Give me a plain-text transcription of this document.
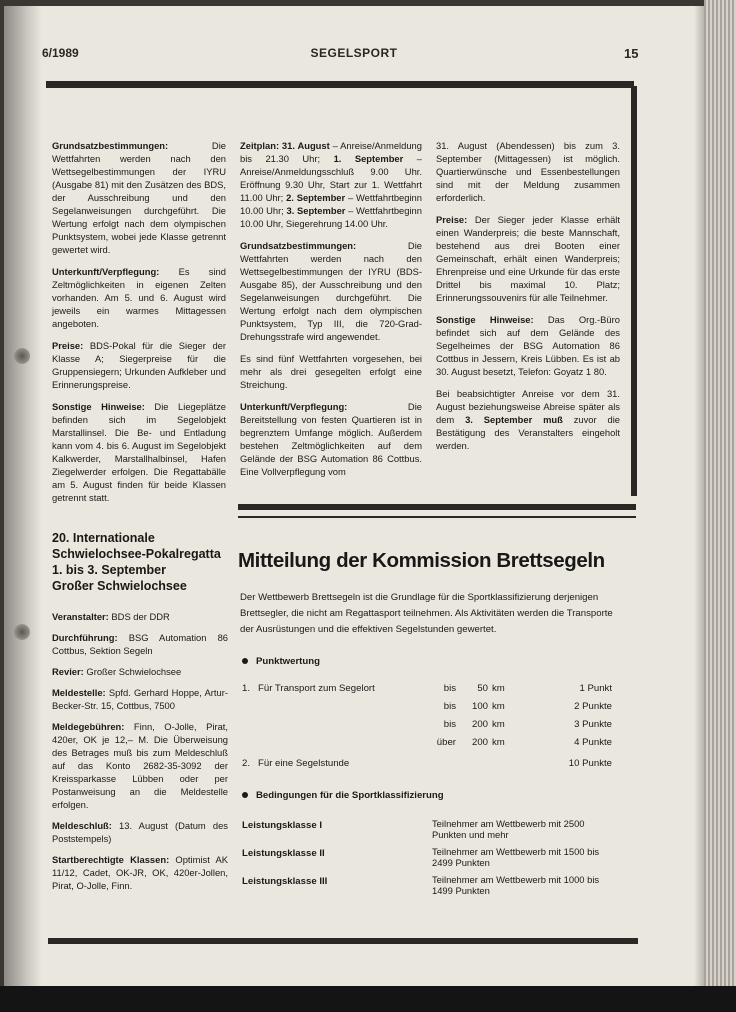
6/1989	SEGELSPORT	15

Grundsatzbestimmungen: Die Wettfahrten werden nach den Wettsegelbestimmungen der IYRU (Ausgabe 81) mit den Zusätzen des BDS, der Ausschreibung und den Segelanweisungen durchgeführt. Die Wertung erfolgt nach dem olympischen Punktsystem, wobei jede Klasse getrennt gewertet wird.

Unterkunft/Verpflegung: Es sind Zeltmöglichkeiten in eigenen Zelten vorhanden. Am 5. und 6. August wird jeweils ein warmes Mittagessen angeboten.

Preise: BDS-Pokal für die Sieger der Klasse A; Siegerpreise für die Gruppensiegern; Urkunden Aufkleber und Erinnerungspreise.

Sonstige Hinweise: Die Liegeplätze befinden sich im Segelobjekt Marstallinsel. Die Be- und Entladung kann vom 4. bis 6. August im Segelobjekt Kalkwerder, Marstallhalbinsel, Hafen Ziegelwerder erfolgen. Die Regattabälle am 5. August finden für beide Klassen getrennt statt.

Zeitplan: 31. August – Anreise/Anmeldung bis 21.30 Uhr; 1. September – Anreise/Anmeldungsschluß 9.00 Uhr. Eröffnung 9.30 Uhr, Start zur 1. Wettfahrt 11.00 Uhr; 2. September – Wettfahrtbeginn 10.00 Uhr; 3. September – Wettfahrtbeginn 10.00 Uhr, Siegerehrung 14.00 Uhr.

Grundsatzbestimmungen: Die Wettfahrten werden nach den Wettsegelbestimmungen der IYRU (BDS-Ausgabe 85), der Ausschreibung und den Segelanweisungen durchgeführt. Die Wertung erfolgt nach dem olympischen Punktsystem, Typ III, die 720-Grad-Drehungsstrafe wird angewendet.

Es sind fünf Wettfahrten vorgesehen, bei mehr als drei gesegelten erfolgt eine Streichung.

Unterkunft/Verpflegung: Die Bereitstellung von festen Quartieren ist in begrenztem Umfange möglich. Außerdem bestehen Zeltmöglichkeiten auf dem Gelände der BSG Automation 86 Cottbus. Eine Vollverpflegung vom

31. August (Abendessen) bis zum 3. September (Mittagessen) ist möglich. Quartierwünsche und Essenbestellungen sind mit der Meldung zusammen erforderlich.

Preise: Der Sieger jeder Klasse erhält einen Wanderpreis; die beste Mannschaft, bestehend aus drei Booten einer Gemeinschaft, erhält einen Wanderpreis; Ehrenpreise und eine Urkunde für das erste Drittel bis maximal 10. Platz; Erinnerungssouvenirs für alle Teilnehmer.

Sonstige Hinweise: Das Org.-Büro befindet sich auf dem Gelände des Segelheimes der BSG Automation 86 Cottbus in Jessern, Kreis Lübben. Es ist ab 30. August besetzt, Telefon: Goyatz 1 80.

Bei beabsichtigter Anreise vor dem 31. August beziehungsweise Abreise später als dem 3. September muß zuvor die Bestätigung des Veranstalters eingeholt werden.

20. Internationale
Schwielochsee-Pokalregatta
1. bis 3. September
Großer Schwielochsee

Veranstalter: BDS der DDR

Durchführung: BSG Automation 86 Cottbus, Sektion Segeln

Revier: Großer Schwielochsee

Meldestelle: Spfd. Gerhard Hoppe, Artur-Becker-Str. 15, Cottbus, 7500

Meldegebühren: Finn, O-Jolle, Pirat, 420er, OK je 12,– M. Die Überweisung des Betrages muß bis zum Meldeschluß auf das Konto 2682-35-3092 der Kreissparkasse Lübben oder per Postanweisung an die Meldestelle erfolgen.

Meldeschluß: 13. August (Datum des Poststempels)

Startberechtigte Klassen: Optimist AK 11/12, Cadet, OK-JR, OK, 420er-Jollen, Pirat, O-Jolle, Finn.

Mitteilung der Kommission Brettsegeln
Der Wettbewerb Brettsegeln ist die Grundlage für die Sportklassifizierung derjenigen Brettsegler, die nicht am Regattasport teilnehmen. Als Aktivitäten werden die Transporte der Ausrüstungen und die effektiven Segelstunden gewertet.
Punktwertung
1. Für Transport zum Segelort	bis	50 km	1 Punkt
bis	100 km	2 Punkte
bis	200 km	3 Punkte
über	200 km	4 Punkte
2. Für eine Segelstunde	10 Punkte
Bedingungen für die Sportklassifizierung
Leistungsklasse I	Teilnehmer am Wettbewerb mit 2500 Punkten und mehr
Leistungsklasse II	Teilnehmer am Wettbewerb mit 1500 bis 2499 Punkten
Leistungsklasse III	Teilnehmer am Wettbewerb mit 1000 bis 1499 Punkten
